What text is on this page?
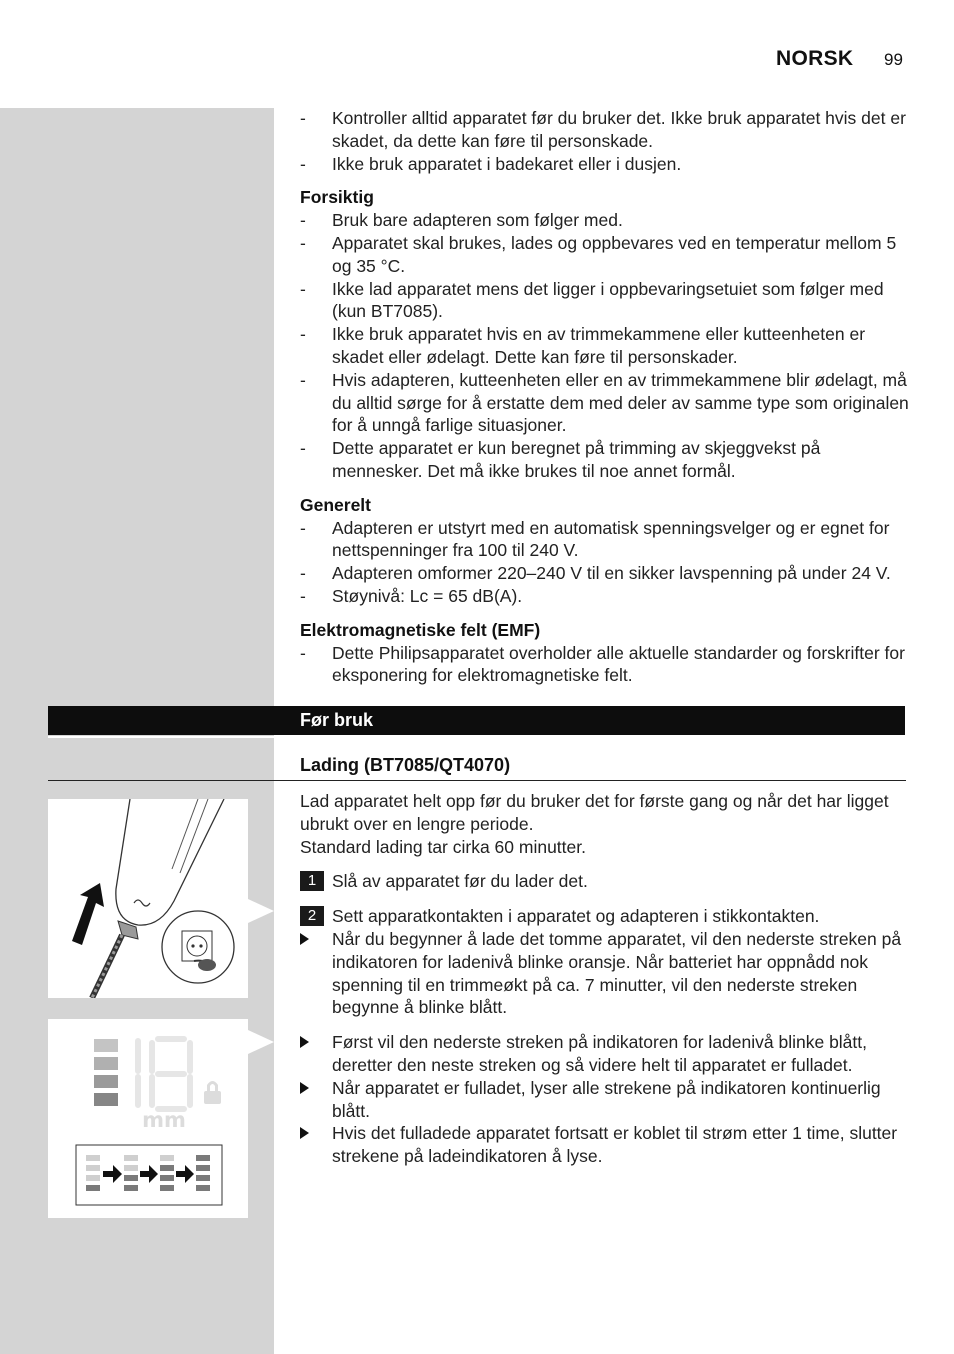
NORSK 99
- Kontroller alltid apparatet før du bruker det. Ikke bruk apparatet hvis det er skadet, da dette kan føre til personskade.
- Ikke bruk apparatet i badekaret eller i dusjen.
Forsiktig
- Bruk bare adapteren som følger med.
- Apparatet skal brukes, lades og oppbevares ved en temperatur mellom 5 og 35 °C.
- Ikke lad apparatet mens det ligger i oppbevaringsetuiet som følger med (kun BT7085).
- Ikke bruk apparatet hvis en av trimmekammene eller kutteenheten er skadet eller ødelagt. Dette kan føre til personskader.
- Hvis adapteren, kutteenheten eller en av trimmekammene blir ødelagt, må du alltid sørge for å erstatte dem med deler av samme type som originalen for å unngå farlige situasjoner.
- Dette apparatet er kun beregnet på trimming av skjeggvekst på mennesker. Det må ikke brukes til noe annet formål.
Generelt
- Adapteren er utstyrt med en automatisk spenningsvelger og er egnet for nettspenninger fra 100 til 240 V.
- Adapteren omformer 220–240 V til en sikker lavspenning på under 24 V.
- Støynivå: Lc = 65 dB(A).
Elektromagnetiske felt (EMF)
- Dette Philipsapparatet overholder alle aktuelle standarder og forskrifter for eksponering for elektromagnetiske felt.
Før bruk
Lading (BT7085/QT4070)
Lad apparatet helt opp før du bruker det for første gang og når det har ligget ubrukt over en lengre periode.
Standard lading tar cirka 60 minutter.
1 Slå av apparatet før du lader det.
2 Sett apparatkontakten i apparatet og adapteren i stikkontakten.
Når du begynner å lade det tomme apparatet, vil den nederste streken på indikatoren for ladenivå blinke oransje. Når batteriet har oppnådd nok spenning til en trimmeøkt på ca. 7 minutter, vil den nederste streken begynne å blinke blått.
Først vil den nederste streken på indikatoren for ladenivå blinke blått, deretter den neste streken og så videre helt til apparatet er fulladet.
Når apparatet er fulladet, lyser alle strekene på indikatoren kontinuerlig blått.
Hvis det fulladede apparatet fortsatt er koblet til strøm etter 1 time, slutter strekene på ladeindikatoren å lyse.
mm
